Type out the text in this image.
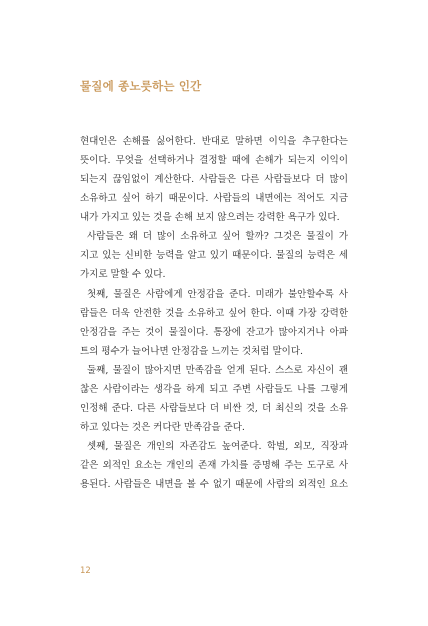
물질에 종노릇하는 인간
현대인은 손해를 싫어한다. 반대로 말하면 이익을 추구한다는
뜻이다. 무엇을 선택하거나 결정할 때에 손해가 되는지 이익이
되는지 끊임없이 계산한다. 사람들은 다른 사람들보다 더 많이
소유하고 싶어 하기 때문이다. 사람들의 내면에는 적어도 지금
내가 가지고 있는 것을 손해 보지 않으려는 강력한 욕구가 있다.
사람들은 왜 더 많이 소유하고 싶어 할까? 그것은 물질이 가
지고 있는 신비한 능력을 알고 있기 때문이다. 물질의 능력은 세
가지로 말할 수 있다.
첫째, 물질은 사람에게 안정감을 준다. 미래가 불안할수록 사
람들은 더욱 안전한 것을 소유하고 싶어 한다. 이때 가장 강력한
안정감을 주는 것이 물질이다. 통장에 잔고가 많아지거나 아파
트의 평수가 늘어나면 안정감을 느끼는 것처럼 말이다.
둘째, 물질이 많아지면 만족감을 얻게 된다. 스스로 자신이 괜
찮은 사람이라는 생각을 하게 되고 주변 사람들도 나를 그렇게
인정해 준다. 다른 사람들보다 더 비싼 것, 더 최신의 것을 소유
하고 있다는 것은 커다란 만족감을 준다.
셋째, 물질은 개인의 자존감도 높여준다. 학벌, 외모, 직장과
같은 외적인 요소는 개인의 존재 가치를 증명해 주는 도구로 사
용된다. 사람들은 내면을 볼 수 없기 때문에 사람의 외적인 요소
12
